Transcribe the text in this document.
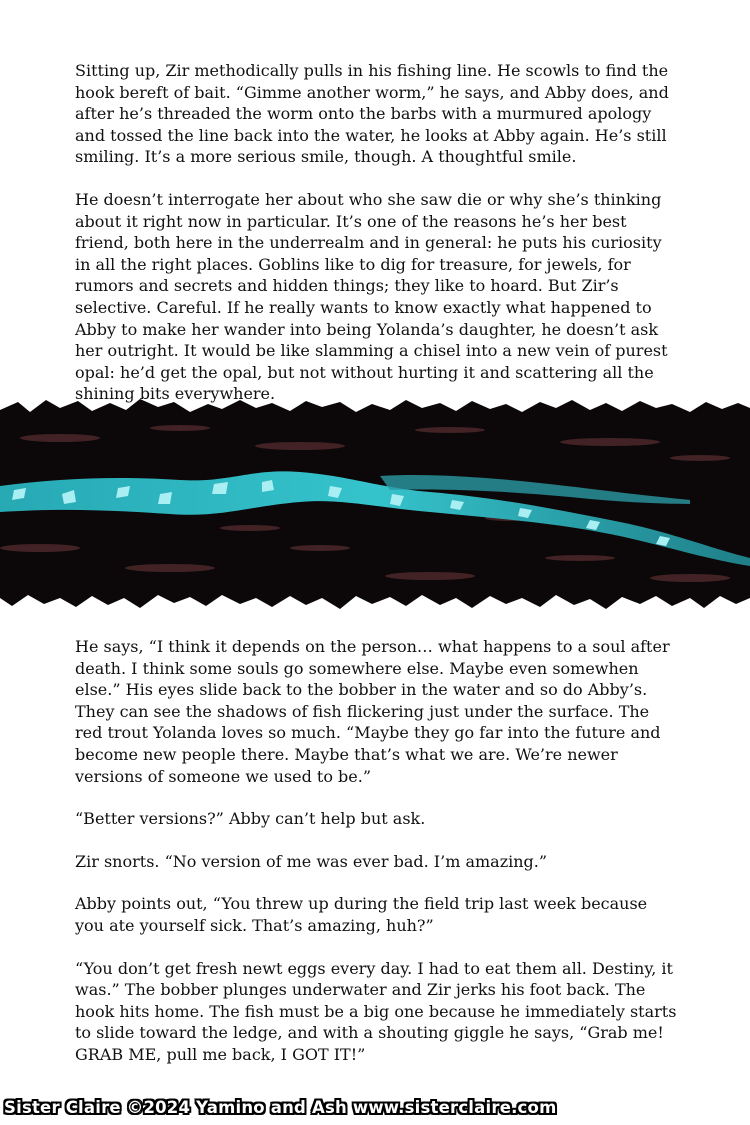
Sitting up, Zir methodically pulls in his fishing line. He scowls to find the hook bereft of bait. “Gimme another worm,” he says, and Abby does, and after he’s threaded the worm onto the barbs with a murmured apology and tossed the line back into the water, he looks at Abby again. He’s still smiling. It’s a more serious smile, though. A thoughtful smile.

He doesn’t interrogate her about who she saw die or why she’s thinking about it right now in particular. It’s one of the reasons he’s her best friend, both here in the underrealm and in general: he puts his curiosity in all the right places. Goblins like to dig for treasure, for jewels, for rumors and secrets and hidden things; they like to hoard. But Zir’s selective. Careful. If he really wants to know exactly what happened to Abby to make her wander into being Yolanda’s daughter, he doesn’t ask her outright. It would be like slamming a chisel into a new vein of purest opal: he’d get the opal, but not without hurting it and scattering all the shining bits everywhere.

He says, “I think it depends on the person… what happens to a soul after death. I think some souls go somewhere else. Maybe even somewhen else.” His eyes slide back to the bobber in the water and so do Abby’s. They can see the shadows of fish flickering just under the surface. The red trout Yolanda loves so much. “Maybe they go far into the future and become new people there. Maybe that’s what we are. We’re newer versions of someone we used to be.”

“Better versions?” Abby can’t help but ask.

Zir snorts. “No version of me was ever bad. I’m amazing.”

Abby points out, “You threw up during the field trip last week because you ate yourself sick. That’s amazing, huh?”

“You don’t get fresh newt eggs every day. I had to eat them all. Destiny, it was.” The bobber plunges underwater and Zir jerks his foot back. The hook hits home. The fish must be a big one because he immediately starts to slide toward the ledge, and with a shouting giggle he says, “Grab me! GRAB ME, pull me back, I GOT IT!”

Sister Claire ©2024 Yamino and Ash www.sisterclaire.com
